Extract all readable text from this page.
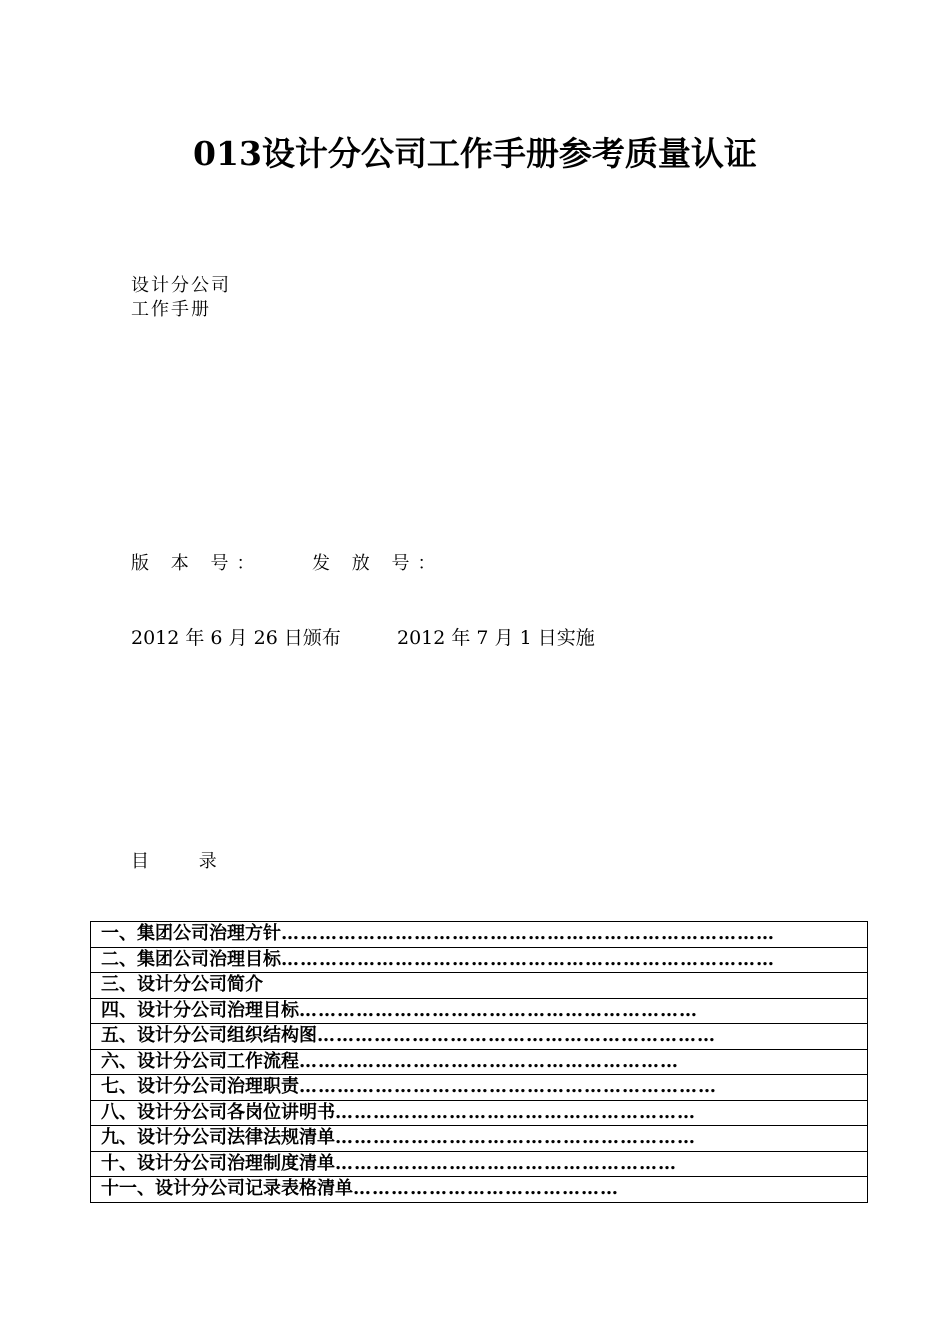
013设计分公司工作手册参考质量认证
设计分公司
工作手册
版 本 号：	发 放 号：
2012 年 6 月 26 日颁布	2012 年 7 月 1 日实施
目 录
一、集团公司治理方针……………………………………………………………………
二、集团公司治理目标……………………………………………………………………
三、设计分公司简介
四、设计分公司治理目标………………………………………………………
五、设计分公司组织结构图………………………………………………………
六、设计分公司工作流程……………………………………………………
七、设计分公司治理职责…………………………………………………………
八、设计分公司各岗位讲明书…………………………………………………
九、设计分公司法律法规清单…………………………………………………
十、设计分公司治理制度清单………………………………………………
十一、设计分公司记录表格清单……………………………………
